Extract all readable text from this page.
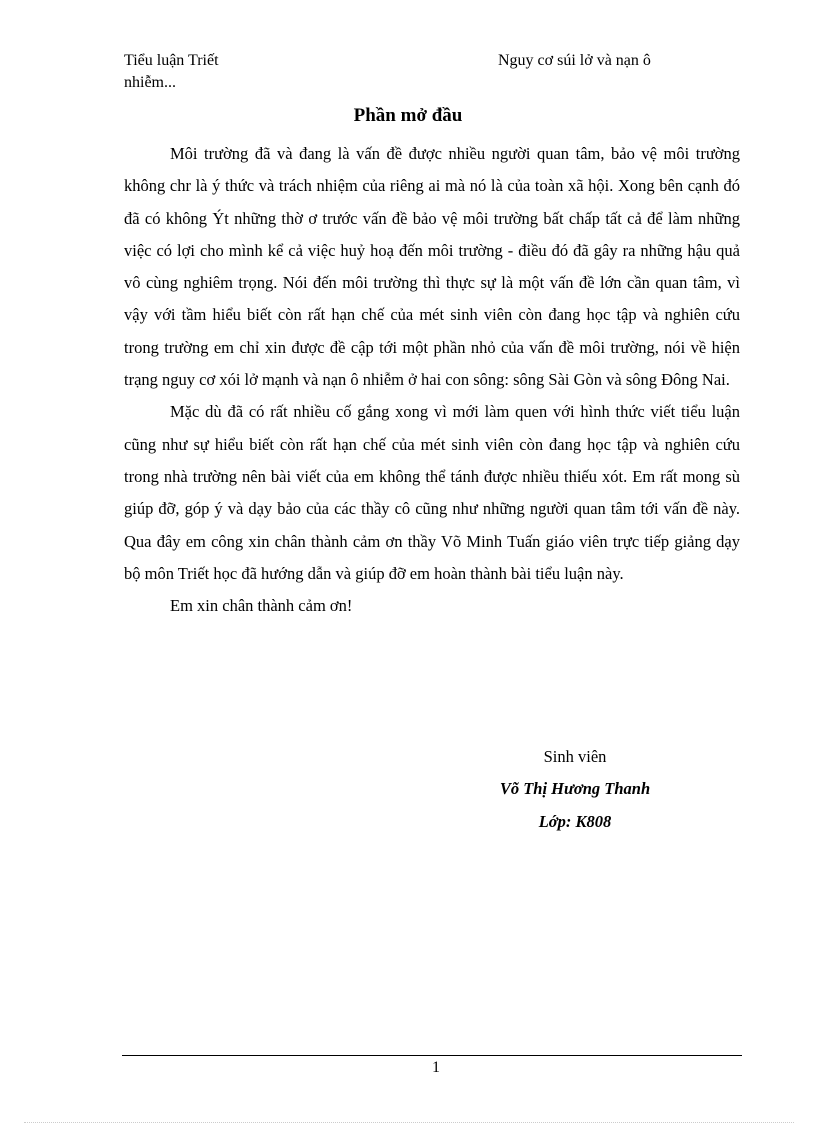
Tiểu luận Triết
nhiễm...
Nguy cơ súi lở và nạn ô
Phần mở đầu

Môi trường đã và đang là vấn đề được nhiều người quan tâm, bảo vệ môi trường không chr là ý thức và trách nhiệm của riêng ai mà nó là của toàn xã hội. Xong bên cạnh đó đã có không Ýt những thờ ơ trước vấn đề bảo vệ môi trường bất chấp tất cả để làm những việc có lợi cho mình kể cả việc huỷ hoạ đến môi trường - điều đó đã gây ra những hậu quả vô cùng nghiêm trọng. Nói đến môi trường thì thực sự là một vấn đề lớn cần quan tâm, vì vậy với tầm hiểu biết còn rất hạn chế của mét sinh viên còn đang học tập và nghiên cứu trong trường em chỉ xin được đề cập tới một phần nhỏ của vấn đề môi trường, nói về hiện trạng nguy cơ xói lở mạnh và nạn ô nhiễm ở hai con sông: sông Sài Gòn và sông Đông Nai.

Mặc dù đã có rất nhiều cố gắng xong vì mới làm quen với hình thức viết tiểu luận cũng như sự hiểu biết còn rất hạn chế của mét sinh viên còn đang học tập và nghiên cứu trong nhà trường nên bài viết của em không thể tánh được nhiều thiếu xót. Em rất mong sù giúp đỡ, góp ý và dạy bảo của các thầy cô cũng như những người quan tâm tới vấn đề này. Qua đây em công xin chân thành cảm ơn thầy Võ Minh Tuấn giáo viên trực tiếp giảng dạy bộ môn Triết học đã hướng dẫn và giúp đỡ em hoàn thành bài tiểu luận này.

Em xin chân thành cảm ơn!

Sinh viên
Võ Thị Hương Thanh
Lớp: K808
1
